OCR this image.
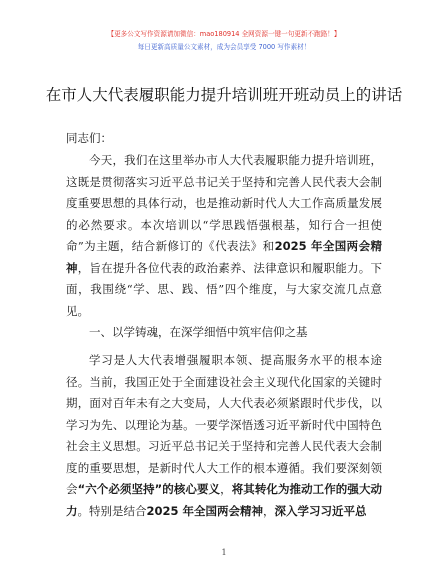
【更多公文写作资源请加微信：mao180914 全网资源一键一句更新不跑路！】
每日更新高质量公文素材，成为会员享受 7000 写作素材！
在市人大代表履职能力提升培训班开班动员上的讲话

同志们：

今天，我们在这里举办市人大代表履职能力提升培训班，这既是贯彻落实习近平总书记关于坚持和完善人民代表大会制度重要思想的具体行动，也是推动新时代人大工作高质量发展的必然要求。本次培训以“学思践悟强根基，知行合一担使命”为主题，结合新修订的《代表法》和2025 年全国两会精神，旨在提升各位代表的政治素养、法律意识和履职能力。下面，我围绕“学、思、践、悟”四个维度，与大家交流几点意见。

一、以学铸魂，在深学细悟中筑牢信仰之基

学习是人大代表增强履职本领、提高服务水平的根本途径。当前，我国正处于全面建设社会主义现代化国家的关键时期，面对百年未有之大变局，人大代表必须紧跟时代步伐，以学习为先、以理论为基。一要学深悟透习近平新时代中国特色社会主义思想。习近平总书记关于坚持和完善人民代表大会制度的重要思想，是新时代人大工作的根本遵循。我们要深刻领会“六个必须坚持”的核心要义，将其转化为推动工作的强大动力。特别是结合2025 年全国两会精神，深入学习习近平总

1
